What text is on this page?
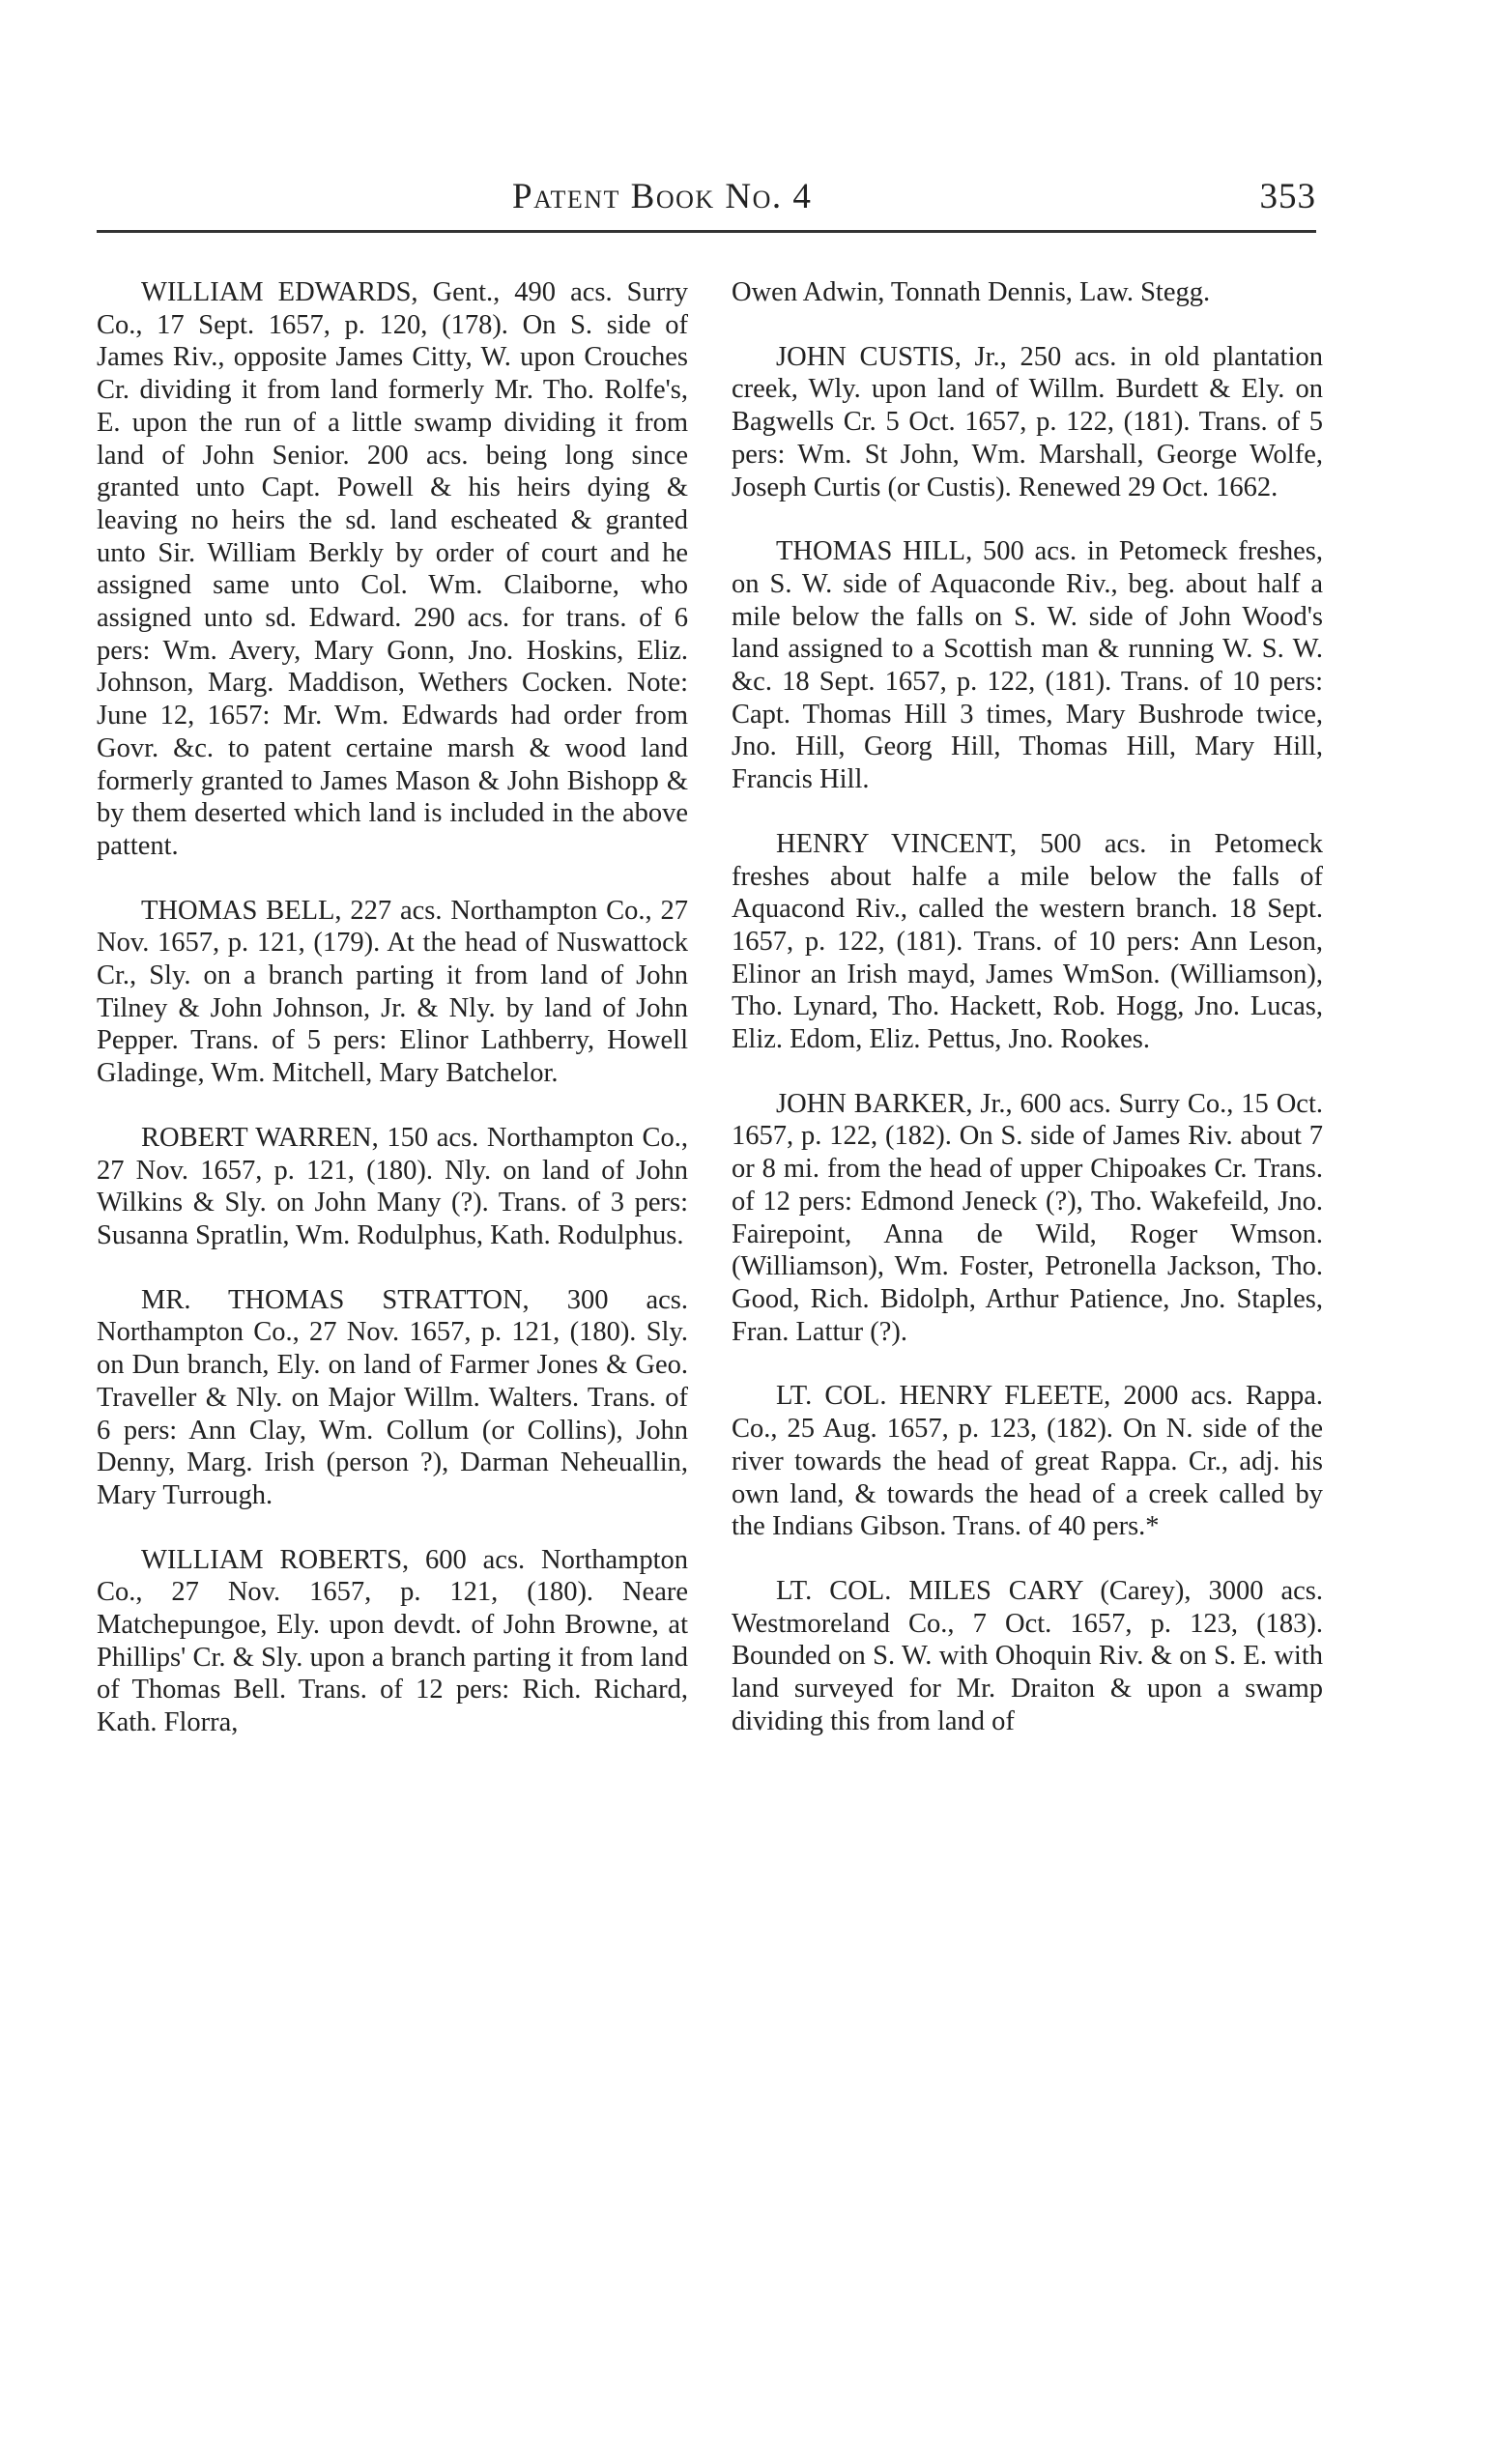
Patent Book No. 4	353

WILLIAM EDWARDS, Gent., 490 acs. Surry Co., 17 Sept. 1657, p. 120, (178). On S. side of James Riv., opposite James Citty, W. upon Crouches Cr. dividing it from land formerly Mr. Tho. Rolfe's, E. upon the run of a little swamp dividing it from land of John Senior. 200 acs. being long since granted unto Capt. Powell & his heirs dying & leaving no heirs the sd. land escheated & granted unto Sir. William Berkly by order of court and he assigned same unto Col. Wm. Claiborne, who assigned unto sd. Edward. 290 acs. for trans. of 6 pers: Wm. Avery, Mary Gonn, Jno. Hoskins, Eliz. Johnson, Marg. Maddison, Wethers Cocken. Note: June 12, 1657: Mr. Wm. Edwards had order from Govr. &c. to patent certaine marsh & wood land formerly granted to James Mason & John Bishopp & by them deserted which land is included in the above pattent.

THOMAS BELL, 227 acs. Northampton Co., 27 Nov. 1657, p. 121, (179). At the head of Nuswattock Cr., Sly. on a branch parting it from land of John Tilney & John Johnson, Jr. & Nly. by land of John Pepper. Trans. of 5 pers: Elinor Lathberry, Howell Gladinge, Wm. Mitchell, Mary Batchelor.

ROBERT WARREN, 150 acs. Northampton Co., 27 Nov. 1657, p. 121, (180). Nly. on land of John Wilkins & Sly. on John Many (?). Trans. of 3 pers: Susanna Spratlin, Wm. Rodulphus, Kath. Rodulphus.

MR. THOMAS STRATTON, 300 acs. Northampton Co., 27 Nov. 1657, p. 121, (180). Sly. on Dun branch, Ely. on land of Farmer Jones & Geo. Traveller & Nly. on Major Willm. Walters. Trans. of 6 pers: Ann Clay, Wm. Collum (or Collins), John Denny, Marg. Irish (person ?), Darman Neheuallin, Mary Turrough.

WILLIAM ROBERTS, 600 acs. Northampton Co., 27 Nov. 1657, p. 121, (180). Neare Matchepungoe, Ely. upon devdt. of John Browne, at Phillips' Cr. & Sly. upon a branch parting it from land of Thomas Bell. Trans. of 12 pers: Rich. Richard, Kath. Florra,

Owen Adwin, Tonnath Dennis, Law. Stegg.

JOHN CUSTIS, Jr., 250 acs. in old plantation creek, Wly. upon land of Willm. Burdett & Ely. on Bagwells Cr. 5 Oct. 1657, p. 122, (181). Trans. of 5 pers: Wm. St John, Wm. Marshall, George Wolfe, Joseph Curtis (or Custis). Renewed 29 Oct. 1662.

THOMAS HILL, 500 acs. in Petomeck freshes, on S. W. side of Aquaconde Riv., beg. about half a mile below the falls on S. W. side of John Wood's land assigned to a Scottish man & running W. S. W. &c. 18 Sept. 1657, p. 122, (181). Trans. of 10 pers: Capt. Thomas Hill 3 times, Mary Bushrode twice, Jno. Hill, Georg Hill, Thomas Hill, Mary Hill, Francis Hill.

HENRY VINCENT, 500 acs. in Petomeck freshes about halfe a mile below the falls of Aquacond Riv., called the western branch. 18 Sept. 1657, p. 122, (181). Trans. of 10 pers: Ann Leson, Elinor an Irish mayd, James WmSon. (Williamson), Tho. Lynard, Tho. Hackett, Rob. Hogg, Jno. Lucas, Eliz. Edom, Eliz. Pettus, Jno. Rookes.

JOHN BARKER, Jr., 600 acs. Surry Co., 15 Oct. 1657, p. 122, (182). On S. side of James Riv. about 7 or 8 mi. from the head of upper Chipoakes Cr. Trans. of 12 pers: Edmond Jeneck (?), Tho. Wakefeild, Jno. Fairepoint, Anna de Wild, Roger Wmson. (Williamson), Wm. Foster, Petronella Jackson, Tho. Good, Rich. Bidolph, Arthur Patience, Jno. Staples, Fran. Lattur (?).

LT. COL. HENRY FLEETE, 2000 acs. Rappa. Co., 25 Aug. 1657, p. 123, (182). On N. side of the river towards the head of great Rappa. Cr., adj. his own land, & towards the head of a creek called by the Indians Gibson. Trans. of 40 pers.*

LT. COL. MILES CARY (Carey), 3000 acs. Westmoreland Co., 7 Oct. 1657, p. 123, (183). Bounded on S. W. with Ohoquin Riv. & on S. E. with land surveyed for Mr. Draiton & upon a swamp dividing this from land of
